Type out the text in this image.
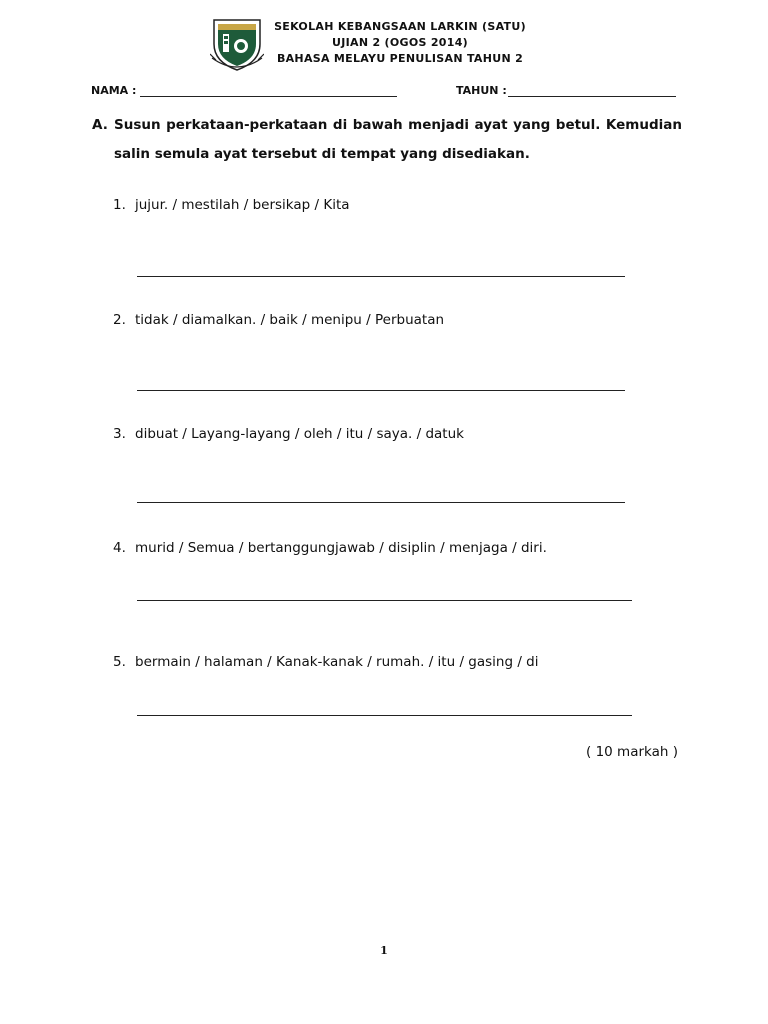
SEKOLAH KEBANGSAAN LARKIN (SATU)
UJIAN 2 (OGOS 2014)
BAHASA MELAYU PENULISAN TAHUN 2
NAMA :	TAHUN :
A. Susun perkataan-perkataan di bawah menjadi ayat yang betul. Kemudian salin semula ayat tersebut di tempat yang disediakan.
1. jujur. / mestilah / bersikap / Kita
2. tidak / diamalkan. / baik / menipu / Perbuatan
3. dibuat / Layang-layang / oleh / itu / saya. / datuk
4. murid / Semua / bertanggungjawab / disiplin / menjaga / diri.
5. bermain / halaman / Kanak-kanak / rumah. / itu / gasing / di
( 10 markah )
1
